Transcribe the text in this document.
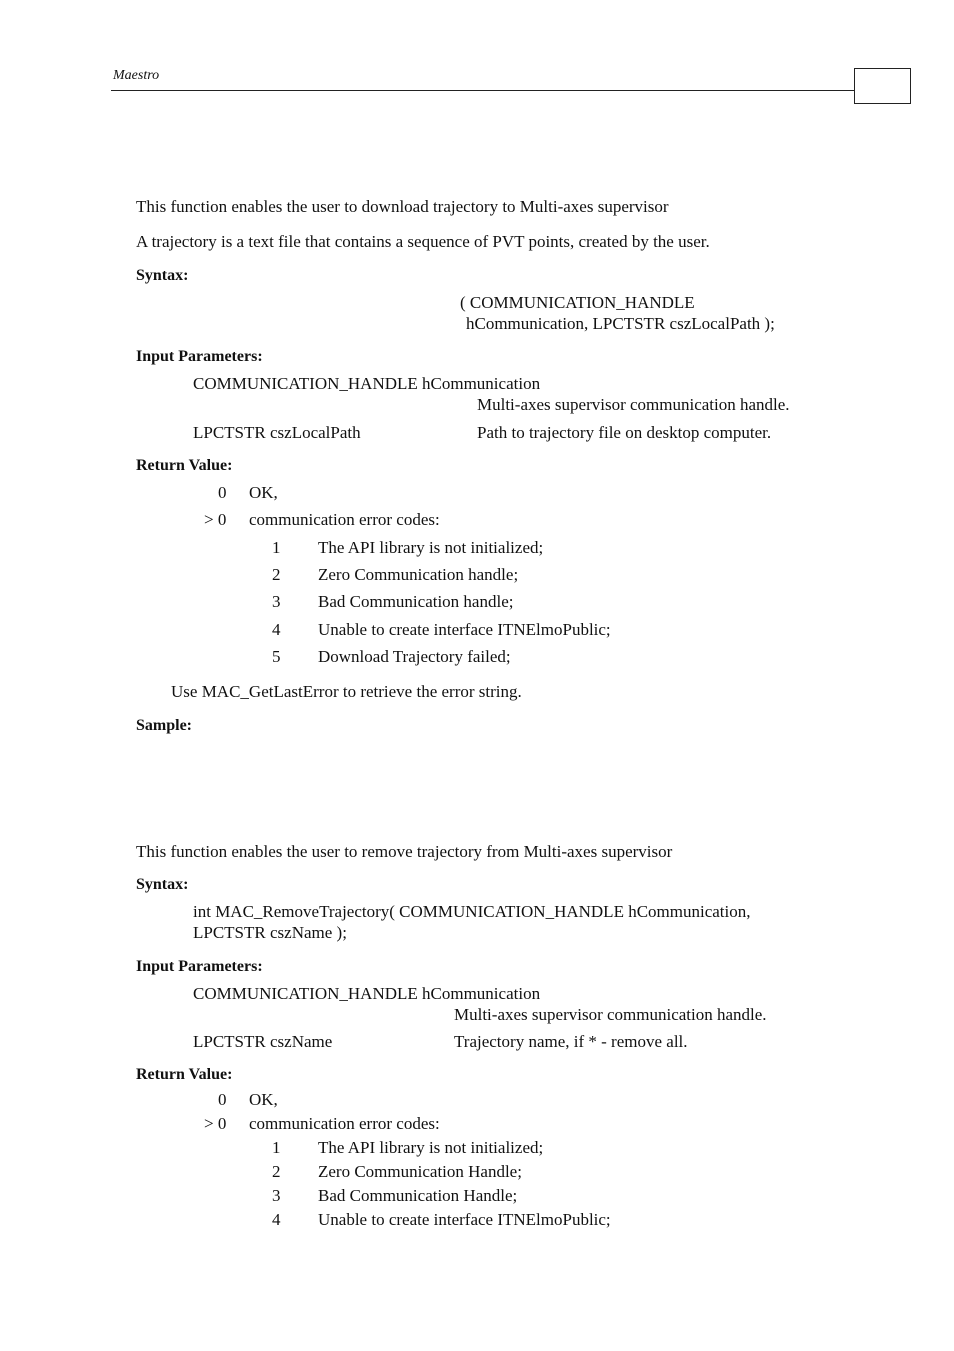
Maestro
This function enables the user to download trajectory to Multi-axes supervisor
A trajectory is a text file that contains a sequence of PVT points, created by the user.
Syntax:
( COMMUNICATION_HANDLE
hCommunication, LPCTSTR cszLocalPath );
Input Parameters:
COMMUNICATION_HANDLE hCommunication
Multi-axes supervisor communication handle.
LPCTSTR cszLocalPath	Path to trajectory file on desktop computer.
Return Value:
0 OK,
> 0 communication error codes:
1 The API library is not initialized;
2 Zero Communication handle;
3 Bad Communication handle;
4 Unable to create interface ITNElmoPublic;
5 Download Trajectory failed;
Use MAC_GetLastError to retrieve the error string.
Sample:
This function enables the user to remove trajectory from Multi-axes supervisor
Syntax:
int MAC_RemoveTrajectory( COMMUNICATION_HANDLE hCommunication,
LPCTSTR cszName );
Input Parameters:
COMMUNICATION_HANDLE hCommunication
Multi-axes supervisor communication handle.
LPCTSTR cszName	Trajectory name, if * - remove all.
Return Value:
0 OK,
> 0 communication error codes:
1 The API library is not initialized;
2 Zero Communication Handle;
3 Bad Communication Handle;
4 Unable to create interface ITNElmoPublic;
